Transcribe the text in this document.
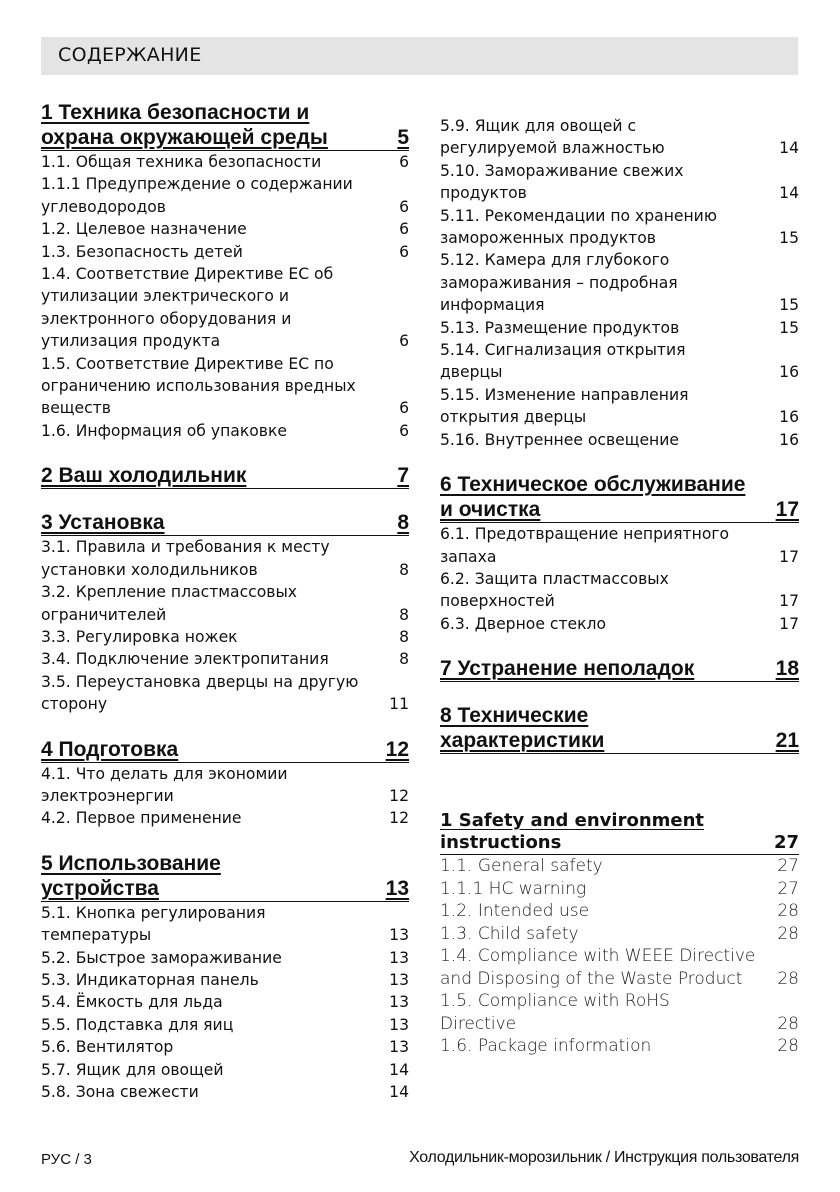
СОДЕРЖАНИЕ
1 Техника безопасности и
охрана окружающей среды	5
1.1. Общая техника безопасности	6
1.1.1 Предупреждение о содержании
углеводородов	6
1.2. Целевое назначение	6
1.3. Безопасность детей	6
1.4. Соответствие Директиве ЕС об
утилизации электрического и
электронного оборудования и
утилизация продукта	6
1.5. Соответствие Директиве ЕС по
ограничению использования вредных
веществ	6
1.6. Информация об упаковке	6
2 Ваш холодильник	7
3 Установка	8
3.1. Правила и требования к месту
установки холодильников	8
3.2. Крепление пластмассовых
ограничителей	8
3.3. Регулировка ножек	8
3.4. Подключение электропитания	8
3.5. Переустановка дверцы на другую
сторону	11
4 Подготовка	12
4.1. Что делать для экономии
электроэнергии	12
4.2. Первое применение	12
5 Использование
устройства	13
5.1. Кнопка регулирования
температуры	13
5.2. Быстрое замораживание	13
5.3. Индикаторная панель	13
5.4. Ёмкость для льда	13
5.5. Подставка для яиц	13
5.6. Вентилятор	13
5.7. Ящик для овощей	14
5.8. Зона свежести	14
5.9. Ящик для овощей с
регулируемой влажностью	14
5.10. Замораживание свежих
продуктов	14
5.11. Рекомендации по хранению
замороженных продуктов	15
5.12. Камера для глубокого
замораживания – подробная
информация	15
5.13. Размещение продуктов	15
5.14. Сигнализация открытия
дверцы	16
5.15. Изменение направления
открытия дверцы	16
5.16. Внутреннее освещение	16
6 Техническое обслуживание
и очистка	17
6.1. Предотвращение неприятного
запаха	17
6.2. Защита пластмассовых
поверхностей	17
6.3. Дверное стекло	17
7 Устранение неполадок	18
8 Технические
характеристики	21
1 Safety and environment
instructions	27
1.1. General safety	27
1.1.1 HC warning	27
1.2. Intended use	28
1.3. Child safety	28
1.4. Compliance with WEEE Directive
and Disposing of the Waste Product 28
1.5. Compliance with RoHS
Directive	28
1.6. Package information	28
РУС / 3	Холодильник-морозильник / Инструкция пользователя
